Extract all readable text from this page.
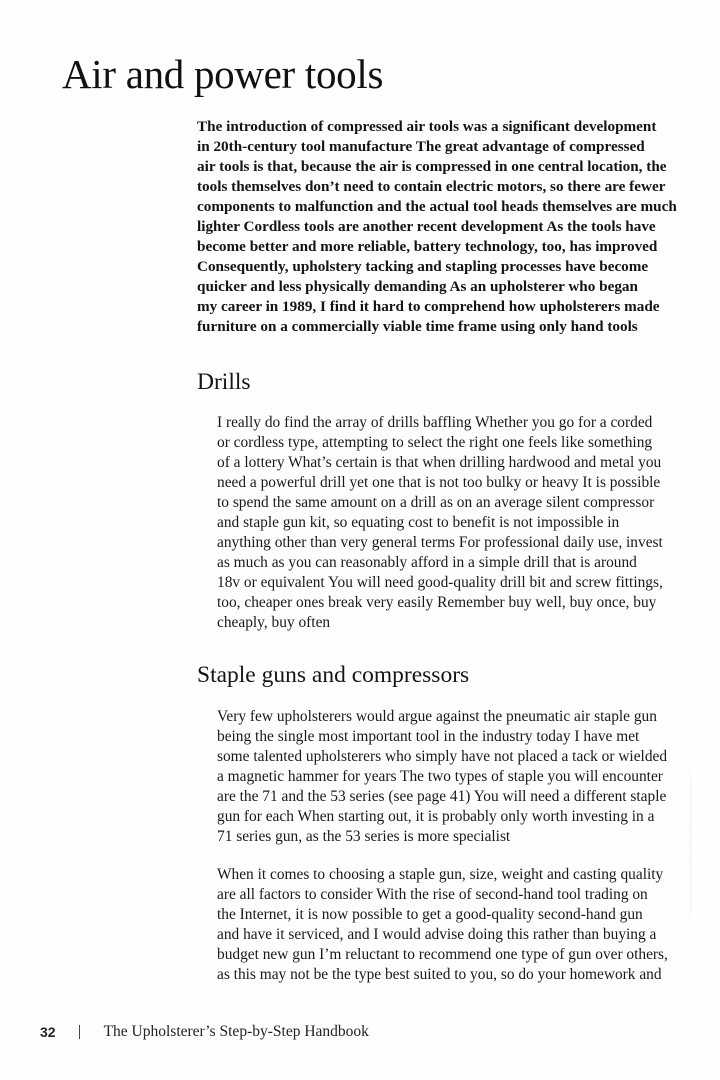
Air and power tools

The introduction of compressed air tools was a significant development
in 20th-century tool manufacture The great advantage of compressed
air tools is that, because the air is compressed in one central location, the
tools themselves don’t need to contain electric motors, so there are fewer
components to malfunction and the actual tool heads themselves are much
lighter Cordless tools are another recent development As the tools have
become better and more reliable, battery technology, too, has improved
Consequently, upholstery tacking and stapling processes have become
quicker and less physically demanding As an upholsterer who began
my career in 1989, I find it hard to comprehend how upholsterers made
furniture on a commercially viable time frame using only hand tools

Drills

I really do find the array of drills baffling Whether you go for a corded
or cordless type, attempting to select the right one feels like something
of a lottery What’s certain is that when drilling hardwood and metal you
need a powerful drill yet one that is not too bulky or heavy It is possible
to spend the same amount on a drill as on an average silent compressor
and staple gun kit, so equating cost to benefit is not impossible in
anything other than very general terms For professional daily use, invest
as much as you can reasonably afford in a simple drill that is around
18v or equivalent You will need good-quality drill bit and screw fittings,
too, cheaper ones break very easily Remember buy well, buy once, buy
cheaply, buy often

Staple guns and compressors

Very few upholsterers would argue against the pneumatic air staple gun
being the single most important tool in the industry today I have met
some talented upholsterers who simply have not placed a tack or wielded
a magnetic hammer for years The two types of staple you will encounter
are the 71 and the 53 series (see page 41) You will need a different staple
gun for each When starting out, it is probably only worth investing in a
71 series gun, as the 53 series is more specialist

When it comes to choosing a staple gun, size, weight and casting quality
are all factors to consider With the rise of second-hand tool trading on
the Internet, it is now possible to get a good-quality second-hand gun
and have it serviced, and I would advise doing this rather than buying a
budget new gun I’m reluctant to recommend one type of gun over others,
as this may not be the type best suited to you, so do your homework and

32	The Upholsterer’s Step-by-Step Handbook
